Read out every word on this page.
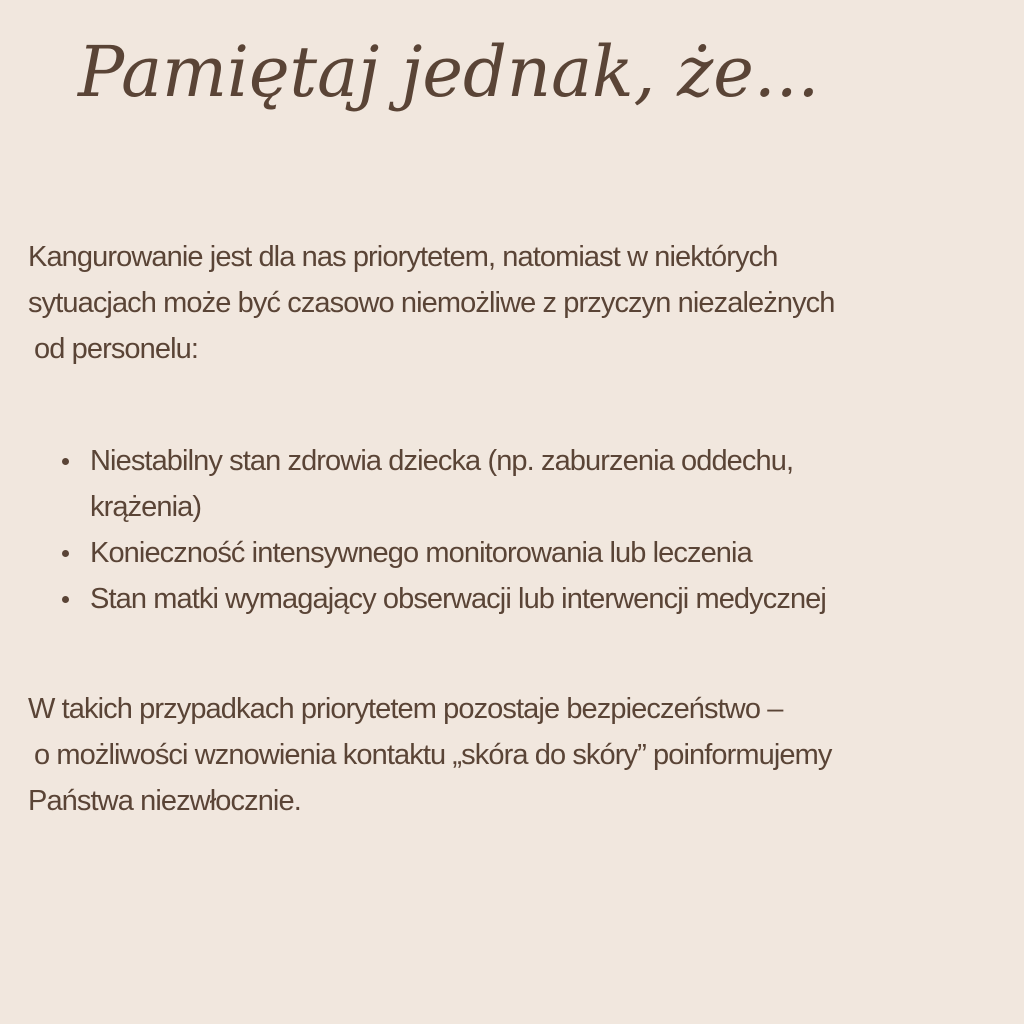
Pamiętaj jednak, że...
Kangurowanie jest dla nas priorytetem, natomiast w niektórych
sytuacjach może być czasowo niemożliwe z przyczyn niezależnych
od personelu:
Niestabilny stan zdrowia dziecka (np. zaburzenia oddechu,
krążenia)
Konieczność intensywnego monitorowania lub leczenia
Stan matki wymagający obserwacji lub interwencji medycznej
W takich przypadkach priorytetem pozostaje bezpieczeństwo –
o możliwości wznowienia kontaktu „skóra do skóry” poinformujemy
Państwa niezwłocznie.
